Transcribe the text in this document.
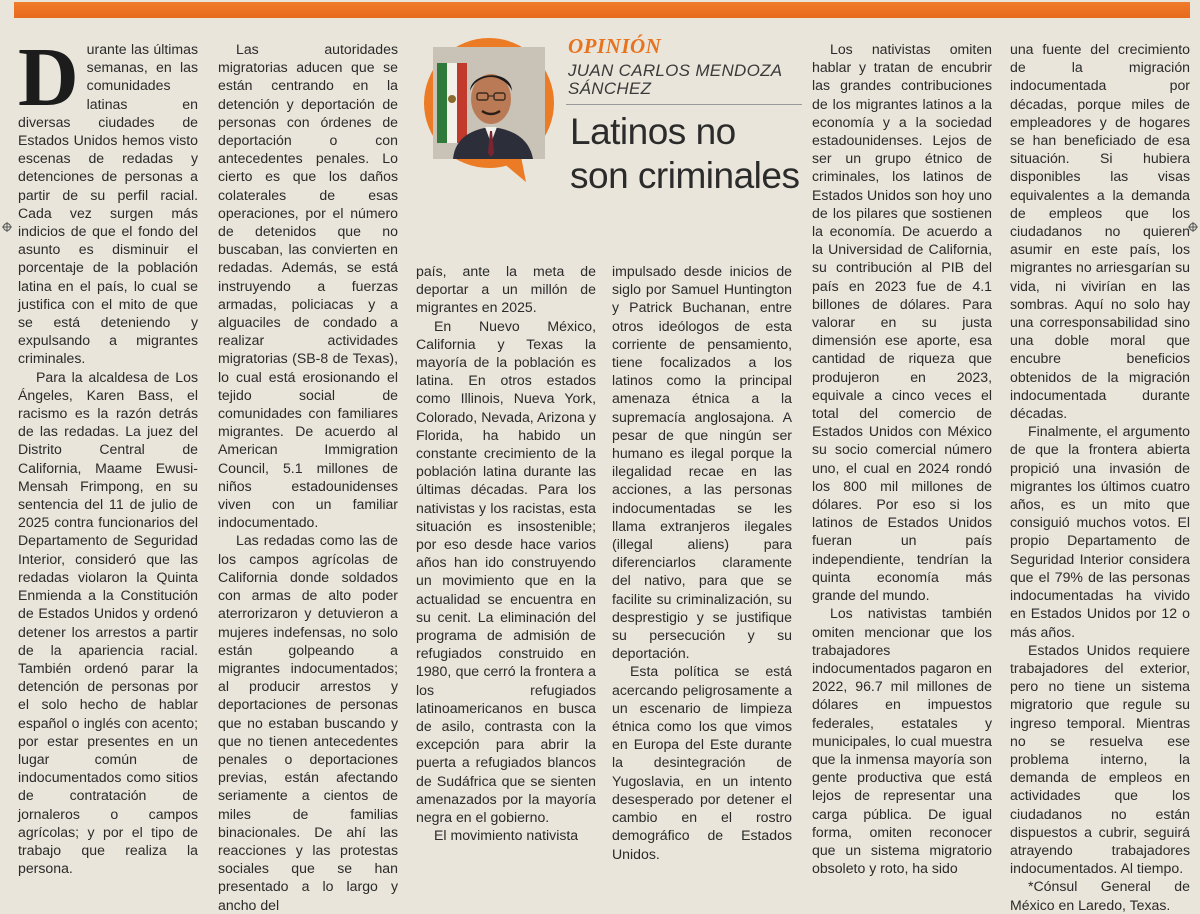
OPINIÓN
JUAN CARLOS MENDOZA SÁNCHEZ
Latinos no son criminales

Durante las últimas semanas, en las comunidades latinas en diversas ciudades de Estados Unidos hemos visto escenas de redadas y detenciones de personas a partir de su perfil racial. Cada vez surgen más indicios de que el fondo del asunto es disminuir el porcentaje de la población latina en el país, lo cual se justifica con el mito de que se está deteniendo y expulsando a migrantes criminales.

Para la alcaldesa de Los Ángeles, Karen Bass, el racismo es la razón detrás de las redadas. La juez del Distrito Central de California, Maame Ewusi-Mensah Frimpong, en su sentencia del 11 de julio de 2025 contra funcionarios del Departamento de Seguridad Interior, consideró que las redadas violaron la Quinta Enmienda a la Constitución de Estados Unidos y ordenó detener los arrestos a partir de la apariencia racial. También ordenó parar la detención de personas por el solo hecho de hablar español o inglés con acento; por estar presentes en un lugar común de indocumentados como sitios de contratación de jornaleros o campos agrícolas; y por el tipo de trabajo que realiza la persona.

Las autoridades migratorias aducen que se están centrando en la detención y deportación de personas con órdenes de deportación o con antecedentes penales. Lo cierto es que los daños colaterales de esas operaciones, por el número de detenidos que no buscaban, las convierten en redadas. Además, se está instruyendo a fuerzas armadas, policiacas y a alguaciles de condado a realizar actividades migratorias (SB-8 de Texas), lo cual está erosionando el tejido social de comunidades con familiares migrantes. De acuerdo al American Immigration Council, 5.1 millones de niños estadounidenses viven con un familiar indocumentado.

Las redadas como las de los campos agrícolas de California donde soldados con armas de alto poder aterrorizaron y detuvieron a mujeres indefensas, no solo están golpeando a migrantes indocumentados; al producir arrestos y deportaciones de personas que no estaban buscando y que no tienen antecedentes penales o deportaciones previas, están afectando seriamente a cientos de miles de familias binacionales. De ahí las reacciones y las protestas sociales que se han presentado a lo largo y ancho del

país, ante la meta de deportar a un millón de migrantes en 2025.

En Nuevo México, California y Texas la mayoría de la población es latina. En otros estados como Illinois, Nueva York, Colorado, Nevada, Arizona y Florida, ha habido un constante crecimiento de la población latina durante las últimas décadas. Para los nativistas y los racistas, esta situación es insostenible; por eso desde hace varios años han ido construyendo un movimiento que en la actualidad se encuentra en su cenit. La eliminación del programa de admisión de refugiados construido en 1980, que cerró la frontera a los refugiados latinoamericanos en busca de asilo, contrasta con la excepción para abrir la puerta a refugiados blancos de Sudáfrica que se sienten amenazados por la mayoría negra en el gobierno.

El movimiento nativista

impulsado desde inicios de siglo por Samuel Huntington y Patrick Buchanan, entre otros ideólogos de esta corriente de pensamiento, tiene focalizados a los latinos como la principal amenaza étnica a la supremacía anglosajona. A pesar de que ningún ser humano es ilegal porque la ilegalidad recae en las acciones, a las personas indocumentadas se les llama extranjeros ilegales (illegal aliens) para diferenciarlos claramente del nativo, para que se facilite su criminalización, su desprestigio y se justifique su persecución y su deportación.

Esta política se está acercando peligrosamente a un escenario de limpieza étnica como los que vimos en Europa del Este durante la desintegración de Yugoslavia, en un intento desesperado por detener el cambio en el rostro demográfico de Estados Unidos.

Los nativistas omiten hablar y tratan de encubrir las grandes contribuciones de los migrantes latinos a la economía y a la sociedad estadounidenses. Lejos de ser un grupo étnico de criminales, los latinos de Estados Unidos son hoy uno de los pilares que sostienen la economía. De acuerdo a la Universidad de California, su contribución al PIB del país en 2023 fue de 4.1 billones de dólares. Para valorar en su justa dimensión ese aporte, esa cantidad de riqueza que produjeron en 2023, equivale a cinco veces el total del comercio de Estados Unidos con México su socio comercial número uno, el cual en 2024 rondó los 800 mil millones de dólares. Por eso si los latinos de Estados Unidos fueran un país independiente, tendrían la quinta economía más grande del mundo.

Los nativistas también omiten mencionar que los trabajadores indocumentados pagaron en 2022, 96.7 mil millones de dólares en impuestos federales, estatales y municipales, lo cual muestra que la inmensa mayoría son gente productiva que está lejos de representar una carga pública. De igual forma, omiten reconocer que un sistema migratorio obsoleto y roto, ha sido

una fuente del crecimiento de la migración indocumentada por décadas, porque miles de empleadores y de hogares se han beneficiado de esa situación. Si hubiera disponibles las visas equivalentes a la demanda de empleos que los ciudadanos no quieren asumir en este país, los migrantes no arriesgarían su vida, ni vivirían en las sombras. Aquí no solo hay una corresponsabilidad sino una doble moral que encubre beneficios obtenidos de la migración indocumentada durante décadas.

Finalmente, el argumento de que la frontera abierta propició una invasión de migrantes los últimos cuatro años, es un mito que consiguió muchos votos. El propio Departamento de Seguridad Interior considera que el 79% de las personas indocumentadas ha vivido en Estados Unidos por 12 o más años.

Estados Unidos requiere trabajadores del exterior, pero no tiene un sistema migratorio que regule su ingreso temporal. Mientras no se resuelva ese problema interno, la demanda de empleos en actividades que los ciudadanos no están dispuestos a cubrir, seguirá atrayendo trabajadores indocumentados. Al tiempo.

*Cónsul General de México en Laredo, Texas.
